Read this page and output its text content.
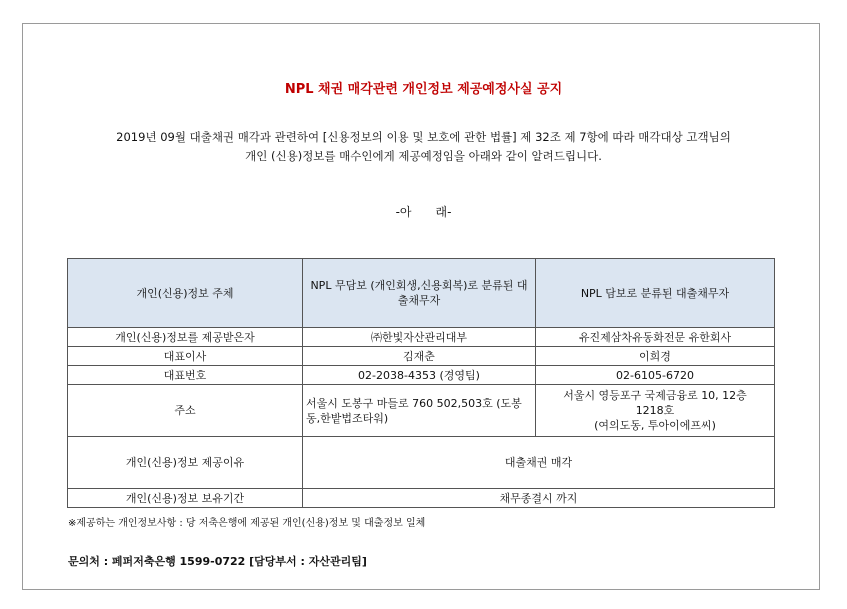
NPL 채권 매각관련 개인정보 제공예정사실 공지
2019년 09월 대출채권 매각과 관련하여 [신용정보의 이용 및 보호에 관한 법률] 제 32조 제 7항에 따라 매각대상 고객님의
개인 (신용)정보를 매수인에게 제공예정임을 아래와 같이 알려드립니다.
-아　　래-
개인(신용)정보 주체	NPL 무담보 (개인회생,신용회복)로 분류된 대출채무자	NPL 담보로 분류된 대출채무자
개인(신용)정보를 제공받은자	㈜한빛자산관리대부	유진제삼차유동화전문 유한회사
대표이사	김재춘	이희경
대표번호	02-2038-4353 (경영팀)	02-6105-6720
주소	서울시 도봉구 마들로 760 502,503호 (도봉동,한밭법조타워)	서울시 영등포구 국제금융로 10, 12층
1218호
(여의도동, 투아이에프씨)

개인(신용)정보 제공이유	대출채권 매각	
개인(신용)정보 보유기간	채무종결시 까지	
※제공하는 개인정보사항 : 당 저축은행에 제공된 개인(신용)정보 및 대출정보 일체
문의처 : 페퍼저축은행 1599-0722 [담당부서 : 자산관리팀]
